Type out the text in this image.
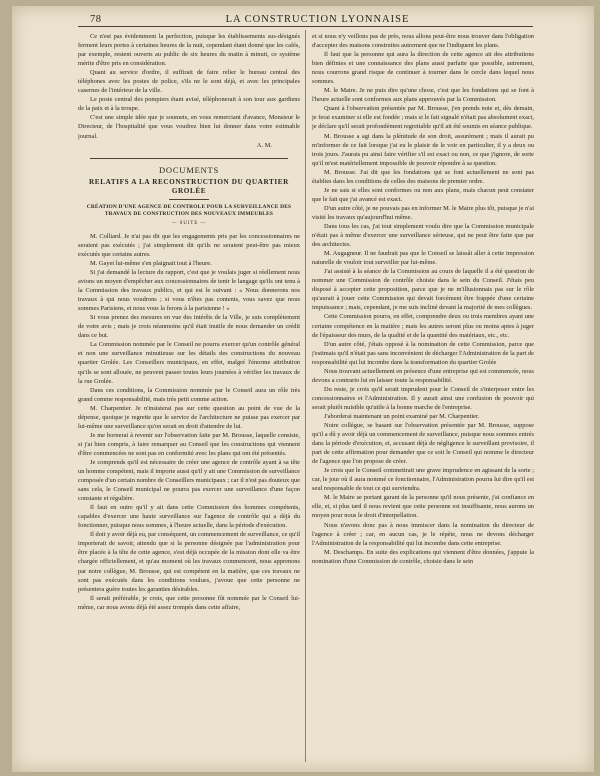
78	LA CONSTRUCTION LYONNAISE

Ce n'est pas évidemment la perfection, puisque les établissements sus-désignés ferment leurs portes à certaines heures de la nuit, cependant étant donné que les cafés, par exemple, restent ouverts au public de six heures du matin à minuit, ce système mérite d'être pris en considération.

Quant au service d'ordre, il suffirait de faire relier le bureau central des téléphones avec les postes de police, s'ils ne le sont déjà, et avec les principales casernes de l'intérieur de la ville.

Le poste central des pompiers étant avisé, téléphonerait à son tour aux gardiens de la paix et à la troupe.

C'est une simple idée que je soumets, en vous remerciant d'avance, Monsieur le Directeur, de l'hospitalité que vous voudrez bien lui donner dans votre estimable journal.

A. M.
DOCUMENTS
RELATIFS A LA RECONSTRUCTION DU QUARTIER GROLÉE
CRÉATION D'UNE AGENCE DE CONTROLE POUR LA SURVEILLANCE DES TRAVAUX DE CONSTRUCTION DES NOUVEAUX IMMEUBLES
— SUITE —

M. Colliard. Je n'ai pas dit que les engagements pris par les concessionnaires ne seraient pas exécutés ; j'ai simplement dit qu'ils ne seraient peut-être pas mieux exécutés que certains autres.

M. Gayet lui-même s'en plaignait tout à l'heure.

Si j'ai demandé la lecture du rapport, c'est que je voulais juger si réellement nous avions un moyen d'empêcher aux concessionnaires de tenir le langage qu'ils ont tenu à la Commission des travaux publics, et qui est le suivant : « Nous donnerons nos travaux à qui nous voudrons ; si vous n'êtes pas contents, vous savez que nous sommes Parisiens, et nous vous la ferons à la parisienne ! »

Si vous prenez des mesures en vue des intérêts de la Ville, je suis complètement de votre avis ; mais je crois néanmoins qu'il était inutile de nous demander un crédit dans ce but.

La Commission nommée par le Conseil ne pourra exercer qu'un contrôle général et non une surveillance minutieuse sur les détails des constructions du nouveau quartier Grolée. Les Conseillers municipaux, en effet, malgré l'énorme attribution qu'ils se sont allouée, ne peuvent passer toutes leurs journées à vérifier les travaux de la rue Grolée.

Dans ces conditions, la Commission nommée par le Conseil aura un rôle très grand comme responsabilité, mais très petit comme action.

M. Charpentier. Je n'insisterai pas sur cette question au point de vue de la dépense, quoique je regrette que le service de l'architecture ne puisse pas exercer par lui-même une surveillance qu'on serait en droit d'attendre de lui.

Je me bornerai à revenir sur l'observation faite par M. Brousse, laquelle consiste, si j'ai bien compris, à faire remarquer au Conseil que les constructions qui viennent d'être commencées ne sont pas en conformité avec les plans qui ont été présentés.

Je comprends qu'il est nécessaire de créer une agence de contrôle ayant à sa tête un homme compétent, mais il importe aussi qu'il y ait une Commission de surveillance composée d'un certain nombre de Conseillers municipaux ; car il n'est pas douteux que sans cela, le Conseil municipal ne pourra pas exercer une surveillance d'une façon constante et régulière.

Il faut en outre qu'il y ait dans cette Commission des hommes compétents, capables d'exercer une haute surveillance sur l'agence de contrôle qui a déjà du fonctionner, puisque nous sommes, à l'heure actuelle, dans la période d'exécution.

Il doit y avoir déjà eu, par conséquent, un commencement de surveillance, ce qu'il importerait de savoir, attendu que si la personne désignée par l'administration pour être placée à la tête de cette agence, s'est déjà occupée de la mission dont elle va être chargée officiellement, et qu'au moment où les travaux commencent, nous apprenons par notre collègue, M. Brousse, qui est compétent en la matière, que ces travaux ne sont pas exécutés dans les conditions voulues, j'avoue que cette personne ne présentera guère toutes les garanties désirables.

Il serait préférable, je crois, que cette personne fût nommée par le Conseil lui-même, car nous avons déjà été assez trompés dans cette affaire,

et si nous n'y veillons pas de près, nous allons peut-être nous trouver dans l'obligation d'accepter des maisons construites autrement que ne l'indiquent les plans.

Il faut que la personne qui aura la direction de cette agence ait des attributions bien définies et une connaissance des plans aussi parfaite que possible, autrement, nous courrons grand risque de continuer à tourner dans le cercle dans lequel nous sommes.

M. le Maire. Je ne puis dire qu'une chose, c'est que les fondations qui se font à l'heure actuelle sont conformes aux plans approuvés par la Commission.

Quant à l'observation présentée par M. Brousse, j'en prends note et, dès demain, je ferai examiner si elle est fondée ; mais si le fait signalé n'était pas absolument exact, je déclare qu'il serait profondément regrettable qu'il ait été soumis en séance publique.

M. Brousse a agi dans la plénitude de son droit, assurément ; mais il aurait pu m'informer de ce fait lorsque j'ai eu le plaisir de le voir en particulier, il y a deux ou trois jours. J'aurais pu ainsi faire vérifier s'il est exact ou non, ce que j'ignore, de sorte qu'il m'est matériellement impossible de pouvoir répondre à sa question.

M. Brousse. J'ai dit que les fondations qui se font actuellement ne sont pas établies dans les conditions de celles des maisons de premier ordre.

Je ne sais si elles sont conformes ou non aux plans, mais chacun peut constater que le fait que j'ai avancé est exact.

D'un autre côté, je ne pouvais pas en informer M. le Maire plus tôt, puisque je n'ai visité les travaux qu'aujourd'hui même.

Dans tous les cas, j'ai tout simplement voulu dire que la Commission municipale n'était pas à même d'exercer une surveillance sérieuse, qui ne peut être faite que par des architectes.

M. Augagneur. Il ne faudrait pas que le Conseil se laissât aller à cette impression naturelle de vouloir tout surveiller par lui-même.

J'ai assisté à la séance de la Commission au cours de laquelle il a été question de nommer une Commission de contrôle choisie dans le sein du Conseil. J'étais peu disposé à accepter cette proposition, parce que je ne m'illusionnais pas sur le rôle qu'aurait à jouer cette Commission qui devait forcément être frappée d'une certaine impuissance ; mais, cependant, je me suis incliné devant la majorité de mes collègues.

Cette Commission pourra, en effet, comprendre deux ou trois membres ayant une certaine compétence en la matière ; mais les autres seront plus ou moins aptes à juger de l'épaisseur des murs, de la qualité et de la quantité des matériaux, etc., etc.

D'un autre côté, j'étais opposé à la nomination de cette Commission, parce que j'estimais qu'il n'était pas sans inconvénient de décharger l'Administration de la part de responsabilité qui lui incombe dans la transformation du quartier Grolée

Nous trouvant actuellement en présence d'une entreprise qui est commencée, nous devons a contrario lui en laisser toute la responsabilité.

Du reste, je crois qu'il serait imprudent pour le Conseil de s'interposer entre les concessionnaires et l'Administration. Il y aurait ainsi une confusion de pouvoir qui serait plutôt nuisible qu'utile à la bonne marche de l'entreprise.

J'aborderai maintenant un point examiné par M. Charpentier.

Notre collègue, se basant sur l'observation présentée par M. Brousse, suppose qu'il a dû y avoir déjà un commencement de surveillance, puisque nous sommes entrés dans la période d'exécution, et, accusant déjà de négligence le surveillant provisoire, il part de cette affirmation pour demander que ce soit le Conseil qui nomme le directeur de l'agence que l'on propose de créer.

Je crois que le Conseil commettrait une grave imprudence en agissant de la sorte ; car, le jour où il aura nommé ce fonctionnaire, l'Administration pourra lui dire qu'il est seul responsable de tout ce qui surviendra.

M. le Maire se portant garant de la personne qu'il nous présente, j'ai confiance en elle, et, si plus tard il nous revient que cette personne est insuffisante, nous aurons un moyen pour nous le droit d'interpellation.

Nous n'avons donc pas à nous immiscer dans la nomination du directeur de l'agence à créer ; car, en aucun cas, je le répète, nous ne devons décharger l'Administration de la responsabilité qui lui incombe dans cette entreprise.

M. Deschamps. En suite des explications qui viennent d'être données, j'appuie la nomination d'une Commission de contrôle, choisie dans le sein
